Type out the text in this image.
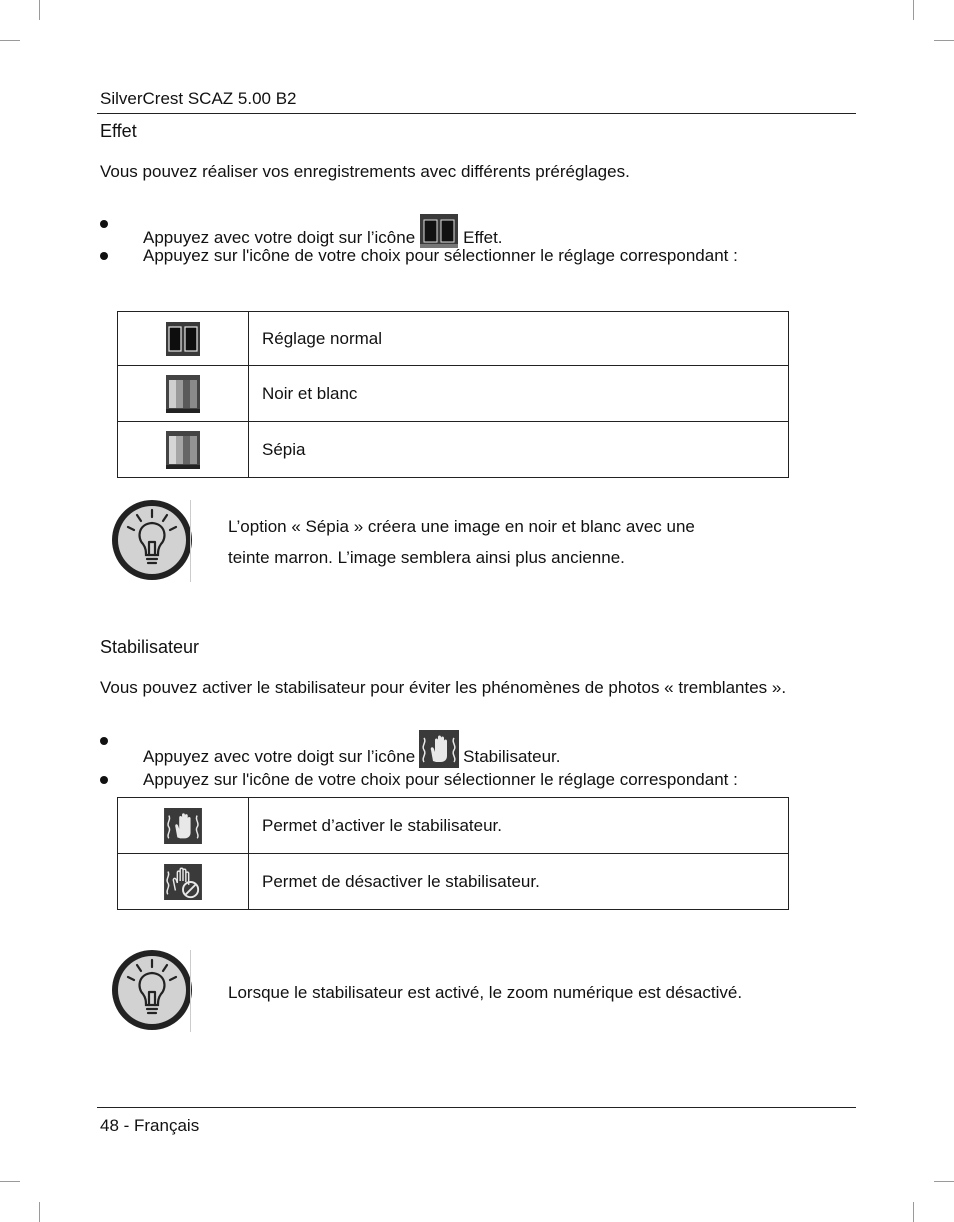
SilverCrest SCAZ 5.00 B2
Effet
Vous pouvez réaliser vos enregistrements avec différents préréglages.
Appuyez avec votre doigt sur l’icône	Effet.
Appuyez sur l'icône de votre choix pour sélectionner le réglage correspondant :
	Réglage normal
	Noir et blanc
	Sépia
L’option « Sépia » créera une image en noir et blanc avec une
teinte marron. L’image semblera ainsi plus ancienne.
Stabilisateur
Vous pouvez activer le stabilisateur pour éviter les phénomènes de photos « tremblantes ».
Appuyez avec votre doigt sur l’icône	Stabilisateur.
Appuyez sur l'icône de votre choix pour sélectionner le réglage correspondant :
	Permet d’activer le stabilisateur.
	Permet de désactiver le stabilisateur.
Lorsque le stabilisateur est activé, le zoom numérique est désactivé.
48 - Français
